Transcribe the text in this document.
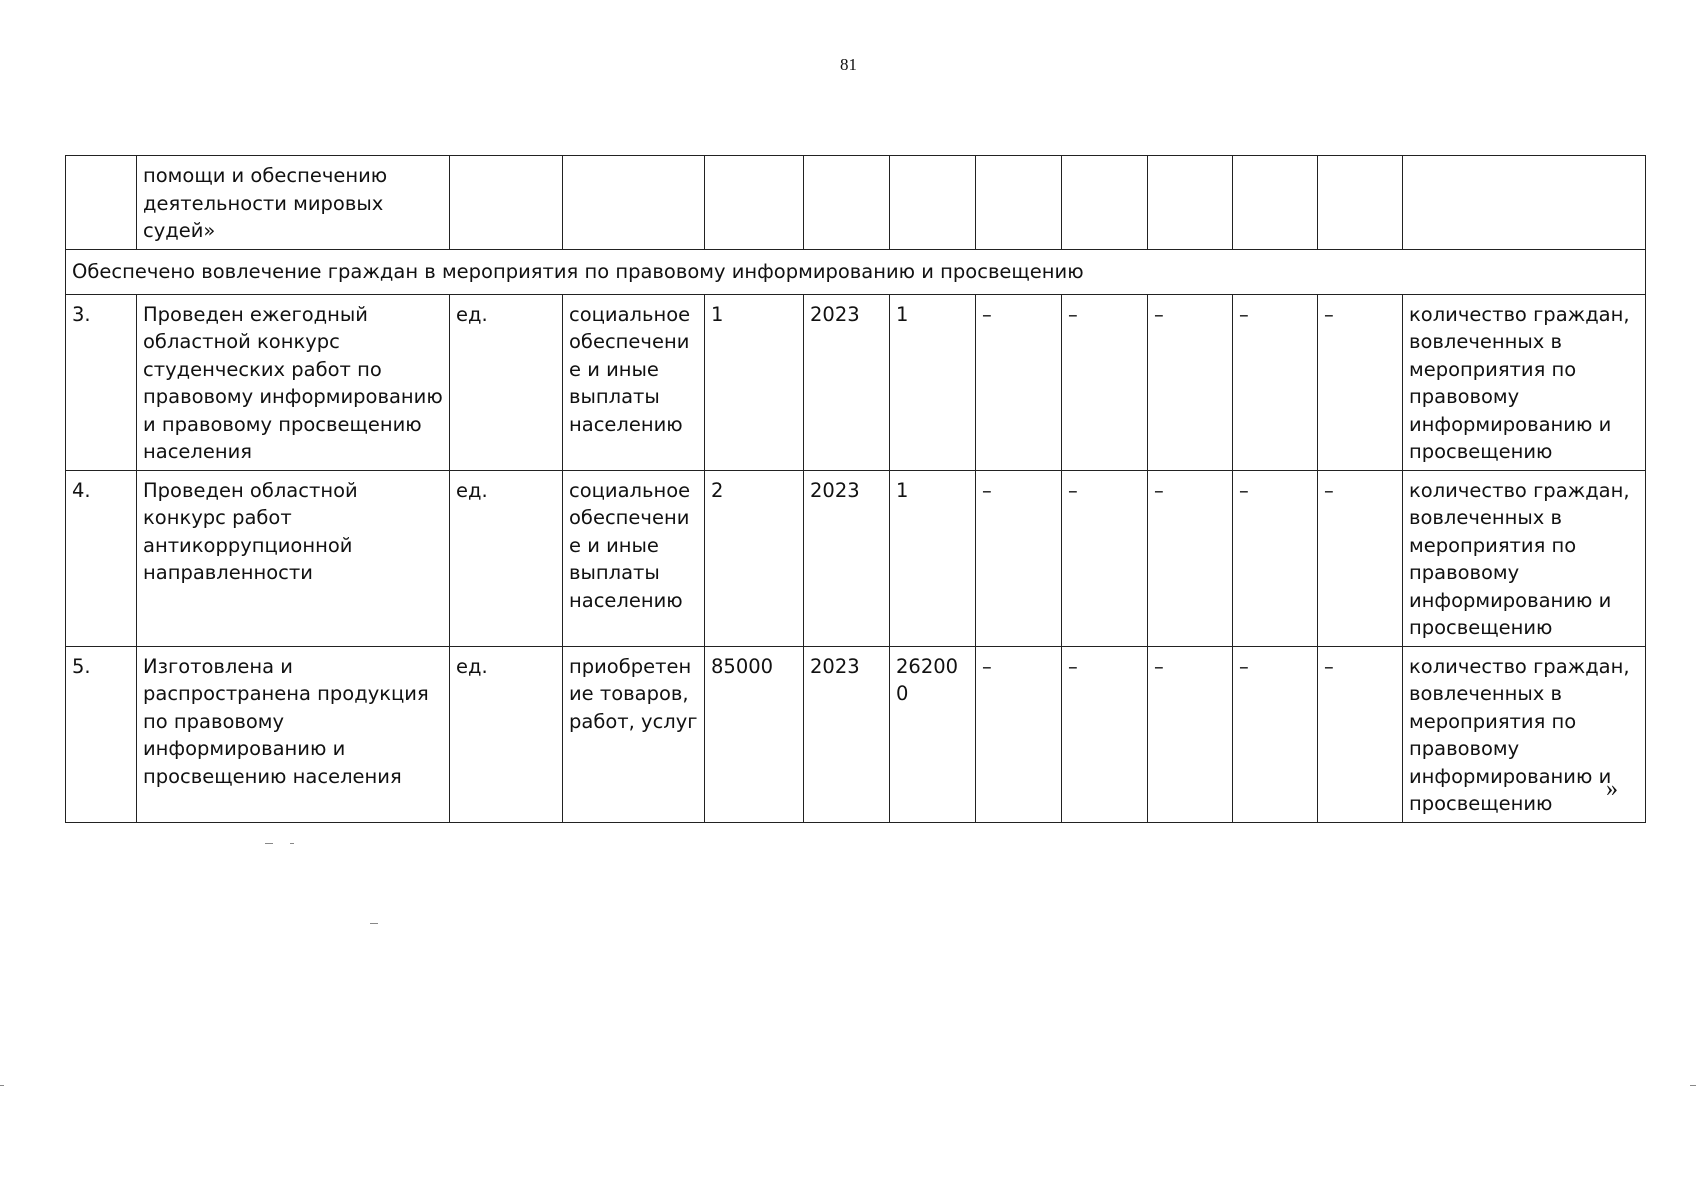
81
	помощи и обеспечению деятельности мировых судей»											
Обеспечено вовлечение граждан в мероприятия по правовому информированию и просвещению												
3.	Проведен ежегодный областной конкурс студенческих работ по правовому информированию и правовому просвещению населения	ед.	социальное обеспечение и иные выплаты населению	1	2023	1	–	–	–	–	–	количество граждан, вовлеченных в мероприятия по правовому информированию и просвещению
4.	Проведен областной конкурс работ антикоррупционной направленности	ед.	социальное обеспечение и иные выплаты населению	2	2023	1	–	–	–	–	–	количество граждан, вовлеченных в мероприятия по правовому информированию и просвещению
5.	Изготовлена и распространена продукция по правовому информированию и просвещению населения	ед.	приобретение товаров, работ, услуг	85000	2023	262000	–	–	–	–	–	количество граждан, вовлеченных в мероприятия по правовому информированию и просвещению
»
